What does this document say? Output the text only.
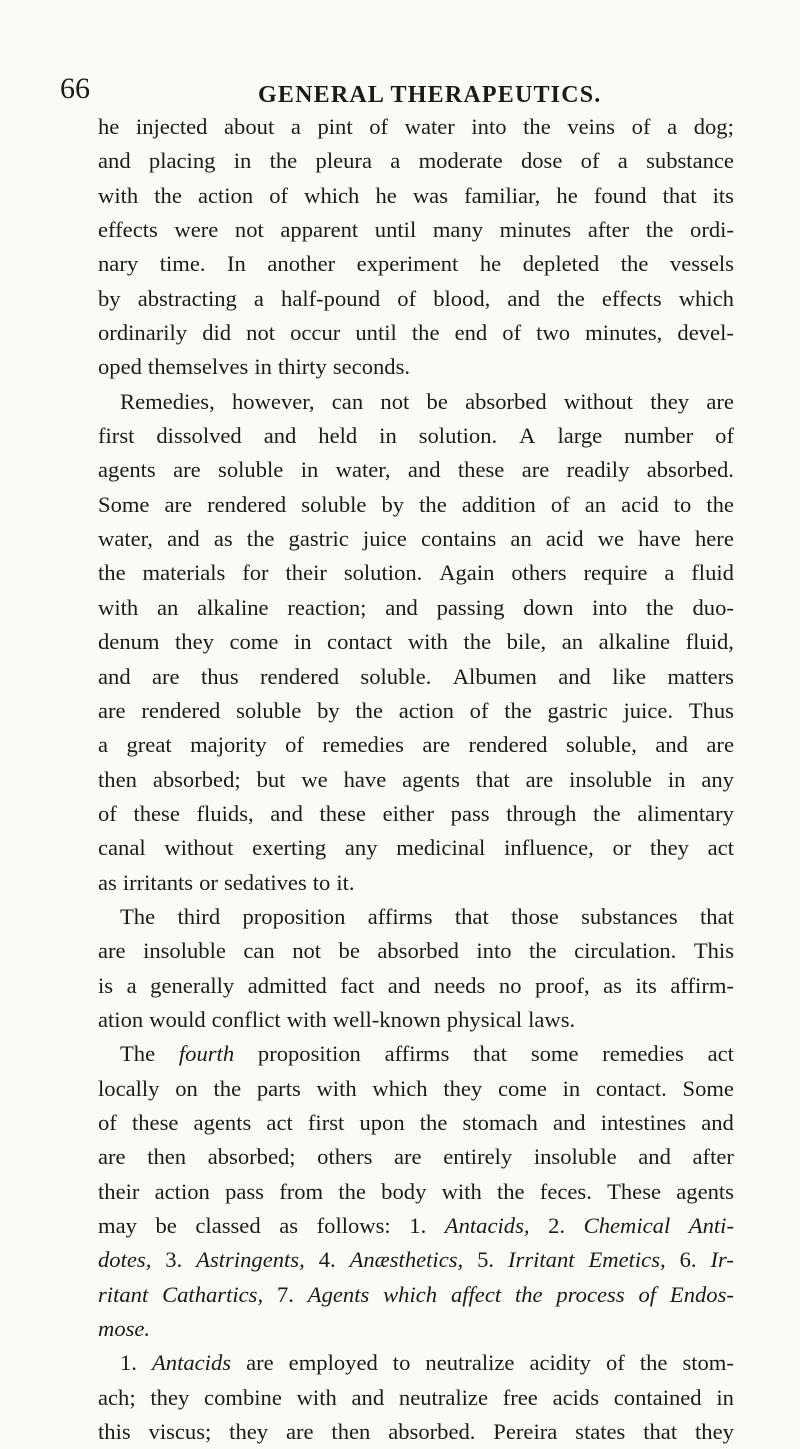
66	GENERAL THERAPEUTICS.
he injected about a pint of water into the veins of a dog;
and placing in the pleura a moderate dose of a substance
with the action of which he was familiar, he found that its
effects were not apparent until many minutes after the ordi-
nary time. In another experiment he depleted the vessels
by abstracting a half-pound of blood, and the effects which
ordinarily did not occur until the end of two minutes, devel-
oped themselves in thirty seconds.
Remedies, however, can not be absorbed without they are
first dissolved and held in solution. A large number of
agents are soluble in water, and these are readily absorbed.
Some are rendered soluble by the addition of an acid to the
water, and as the gastric juice contains an acid we have here
the materials for their solution. Again others require a fluid
with an alkaline reaction; and passing down into the duo-
denum they come in contact with the bile, an alkaline fluid,
and are thus rendered soluble. Albumen and like matters
are rendered soluble by the action of the gastric juice. Thus
a great majority of remedies are rendered soluble, and are
then absorbed; but we have agents that are insoluble in any
of these fluids, and these either pass through the alimentary
canal without exerting any medicinal influence, or they act
as irritants or sedatives to it.
The third proposition affirms that those substances that
are insoluble can not be absorbed into the circulation. This
is a generally admitted fact and needs no proof, as its affirm-
ation would conflict with well-known physical laws.
The fourth proposition affirms that some remedies act
locally on the parts with which they come in contact. Some
of these agents act first upon the stomach and intestines and
are then absorbed; others are entirely insoluble and after
their action pass from the body with the feces. These agents
may be classed as follows: 1. Antacids, 2. Chemical Anti-
dotes, 3. Astringents, 4. Anæsthetics, 5. Irritant Emetics, 6. Ir-
ritant Cathartics, 7. Agents which affect the process of Endos-
mose.
1. Antacids are employed to neutralize acidity of the stom-
ach; they combine with and neutralize free acids contained in
this viscus; they are then absorbed. Pereira states that they
